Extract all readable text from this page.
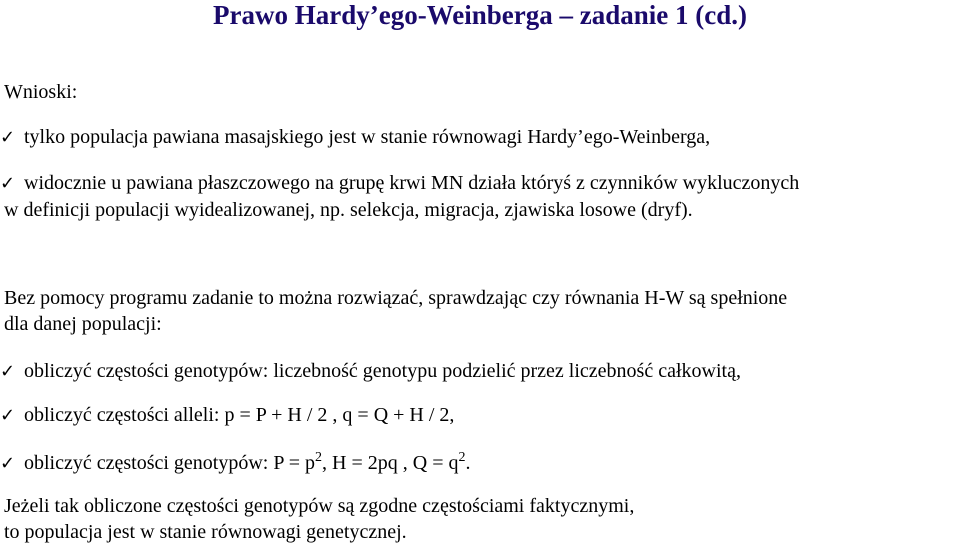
Prawo Hardy’ego-Weinberga – zadanie 1 (cd.)
Wnioski:
✓ tylko populacja pawiana masajskiego jest w stanie równowagi Hardy’ego-Weinberga,
✓ widocznie u pawiana płaszczowego na grupę krwi MN działa któryś z czynników wykluczonych
w definicji populacji wyidealizowanej, np. selekcja, migracja, zjawiska losowe (dryf).
Bez pomocy programu zadanie to można rozwiązać, sprawdzając czy równania H-W są spełnione
dla danej populacji:
✓ obliczyć częstości genotypów: liczebność genotypu podzielić przez liczebność całkowitą,
✓ obliczyć częstości alleli: p = P + H / 2 , q = Q + H / 2,
✓ obliczyć częstości genotypów: $P = p^2$, H = 2pq , $Q = q^2$.
Jeżeli tak obliczone częstości genotypów są zgodne częstościami faktycznymi,
to populacja jest w stanie równowagi genetycznej.
